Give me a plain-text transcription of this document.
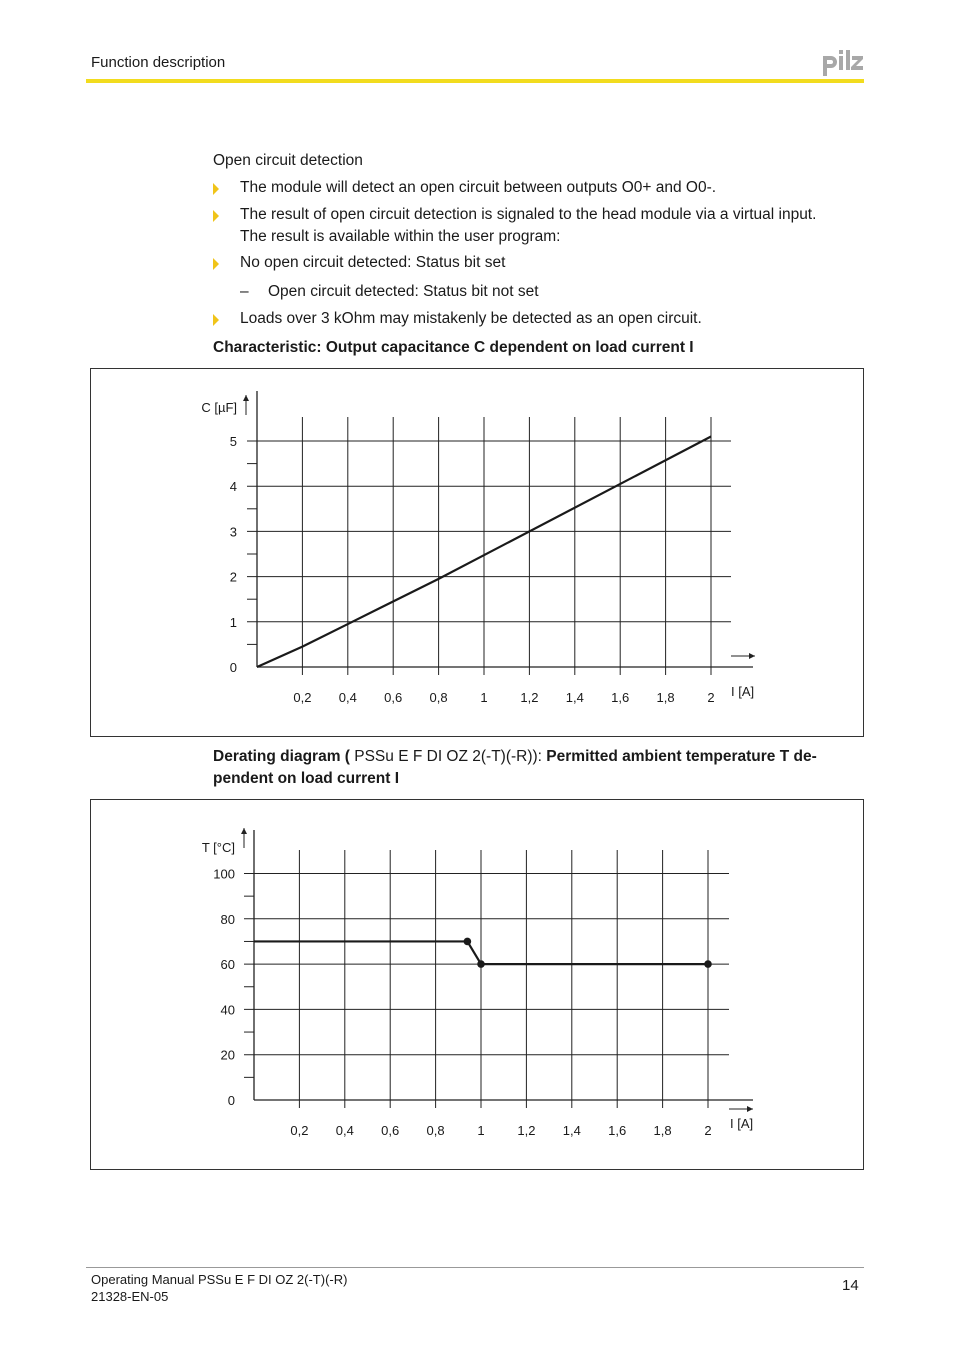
Function description
Open circuit detection
The module will detect an open circuit between outputs O0+ and O0-.
The result of open circuit detection is signaled to the head module via a virtual input.
The result is available within the user program:
No open circuit detected: Status bit set
– Open circuit detected: Status bit not set
Loads over 3 kOhm may mistakenly be detected as an open circuit.
Characteristic: Output capacitance C dependent on load current I
0,2 0,4 0,6 0,8	1	1,2 1,4 1,6 1,8	2
0
1
2
3
4
5
I [A]
C [µF]
Derating diagram ( PSSu E F DI OZ 2(-T)(-R)): Permitted ambient temperature T de-pendent on load current I
0,2 0,4 0,6 0,8	1	1,2 1,4 1,6 1,8	2
0
20
40
60
80
100
I [A]
T [°C]
Operating Manual PSSu E F DI OZ 2(-T)(-R)
21328-EN-05
14
